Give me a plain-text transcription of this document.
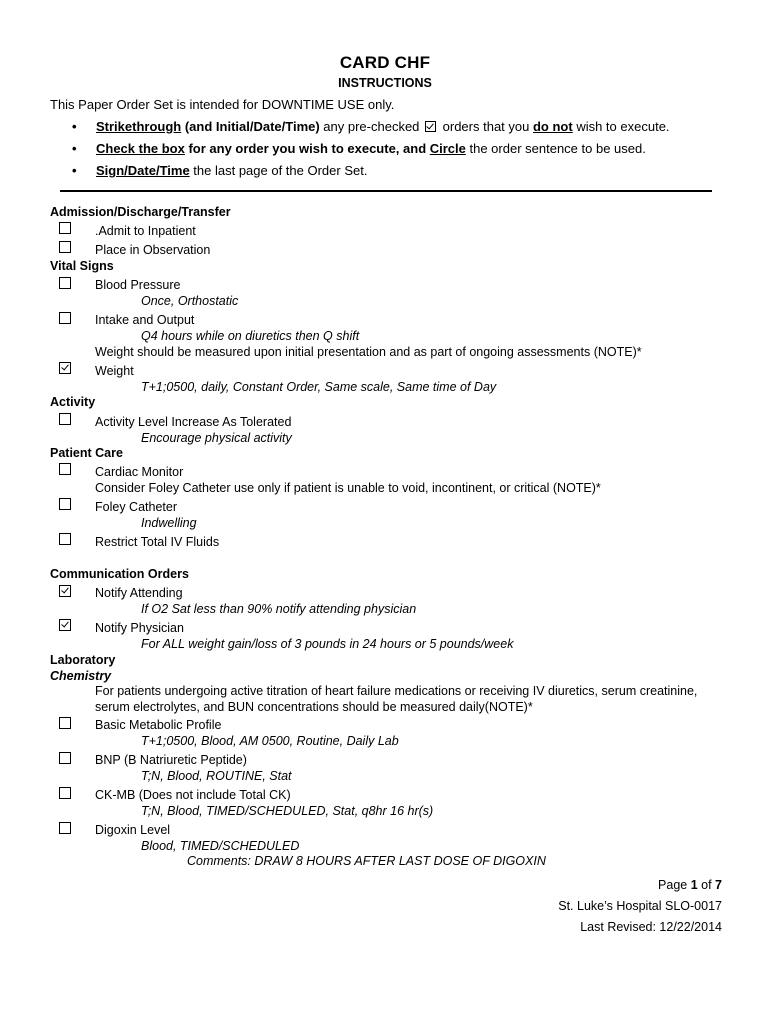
CARD CHF
INSTRUCTIONS
This Paper Order Set is intended for DOWNTIME USE only.
• Strikethrough (and Initial/Date/Time) any pre-checked  orders that you do not wish to execute.
• Check the box for any order you wish to execute, and Circle the order sentence to be used.
• Sign/Date/Time the last page of the Order Set.
Admission/Discharge/Transfer
.Admit to Inpatient
Place in Observation
Vital Signs
Blood Pressure
Once, Orthostatic
Intake and Output
Q4 hours while on diuretics then Q shift
Weight should be measured upon initial presentation and as part of ongoing assessments (NOTE)*
Weight
T+1;0500, daily, Constant Order, Same scale, Same time of Day
Activity
Activity Level Increase As Tolerated
Encourage physical activity
Patient Care
Cardiac Monitor
Consider Foley Catheter use only if patient is unable to void, incontinent, or critical (NOTE)*
Foley Catheter
Indwelling
Restrict Total IV Fluids
Communication Orders
Notify Attending
If O2 Sat less than 90% notify attending physician
Notify Physician
For ALL weight gain/loss of 3 pounds in 24 hours or 5 pounds/week
Laboratory
Chemistry
For patients undergoing active titration of heart failure medications or receiving IV diuretics, serum creatinine,
serum electrolytes, and BUN concentrations should be measured daily(NOTE)*
Basic Metabolic Profile
T+1;0500, Blood, AM 0500, Routine, Daily Lab
BNP (B Natriuretic Peptide)
T;N, Blood, ROUTINE, Stat
CK-MB (Does not include Total CK)
T;N, Blood, TIMED/SCHEDULED, Stat, q8hr 16 hr(s)
Digoxin Level
Blood, TIMED/SCHEDULED
Comments: DRAW 8 HOURS AFTER LAST DOSE OF DIGOXIN
Page 1 of 7
St. Luke’s Hospital SLO-0017
Last Revised: 12/22/2014
